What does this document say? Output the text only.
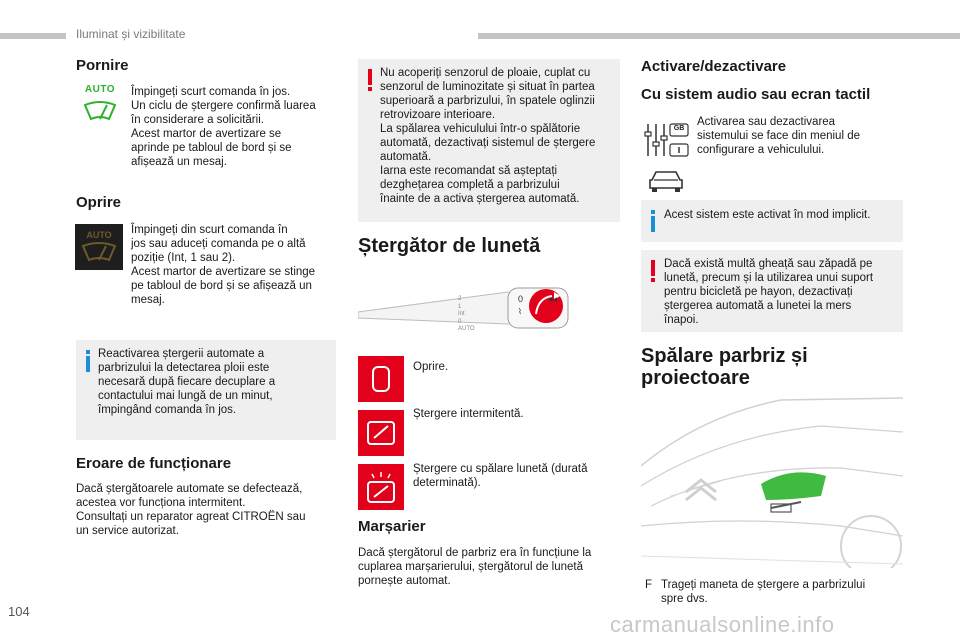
Iluminat și vizibilitate
Pornire
AUTO	Împingeți scurt comanda în jos.
Un ciclu de ștergere confirmă luarea
în considerare a solicitării.
Acest martor de avertizare se
aprinde pe tabloul de bord și se
afișează un mesaj.
Oprire
AUTO	Împingeți din scurt comanda în
jos sau aduceți comanda pe o altă
poziție (Int, 1 sau 2).
Acest martor de avertizare se stinge
pe tabloul de bord și se afișează un
mesaj.
Reactivarea ștergerii automate a
parbrizului la detectarea ploii este
necesară după fiecare decuplare a
contactului mai lungă de un minut,
împingând comanda în jos.
Eroare de funcționare
Dacă ștergătoarele automate se defectează,
acestea vor funcționa intermitent.
Consultați un reparator agreat CITROËN sau
un service autorizat.
Nu acoperiți senzorul de ploaie, cuplat cu
senzorul de luminozitate și situat în partea
superioară a parbrizului, în spatele oglinzii
retrovizoare interioare.
La spălarea vehiculului într-o spălătorie
automată, dezactivați sistemul de ștergere
automată.
Iarna este recomandat să așteptați
dezghețarea completă a parbrizului
înainte de a activa ștergerea automată.
Ștergător de lunetă
◂◂
0
⌇
2
1
Int
0
AUTO
Oprire.
Ștergere intermitentă.
Ștergere cu spălare lunetă (durată
determinată).
Marșarier
Dacă ștergătorul de parbriz era în funcțiune la
cuplarea marșarierului, ștergătorul de lunetă
pornește automat.
Activare/dezactivare
Cu sistem audio sau ecran tactil
GB
Activarea sau dezactivarea
sistemului se face din meniul de
configurare a vehiculului.
Acest sistem este activat în mod implicit.
Dacă există multă gheață sau zăpadă pe
lunetă, precum și la utilizarea unui suport
pentru bicicletă pe hayon, dezactivați
ștergerea automată a lunetei la mers
înapoi.
Spălare parbriz și
proiectoare
F Trageți maneta de ștergere a parbrizului
spre dvs.
104
carmanualsonline.info
